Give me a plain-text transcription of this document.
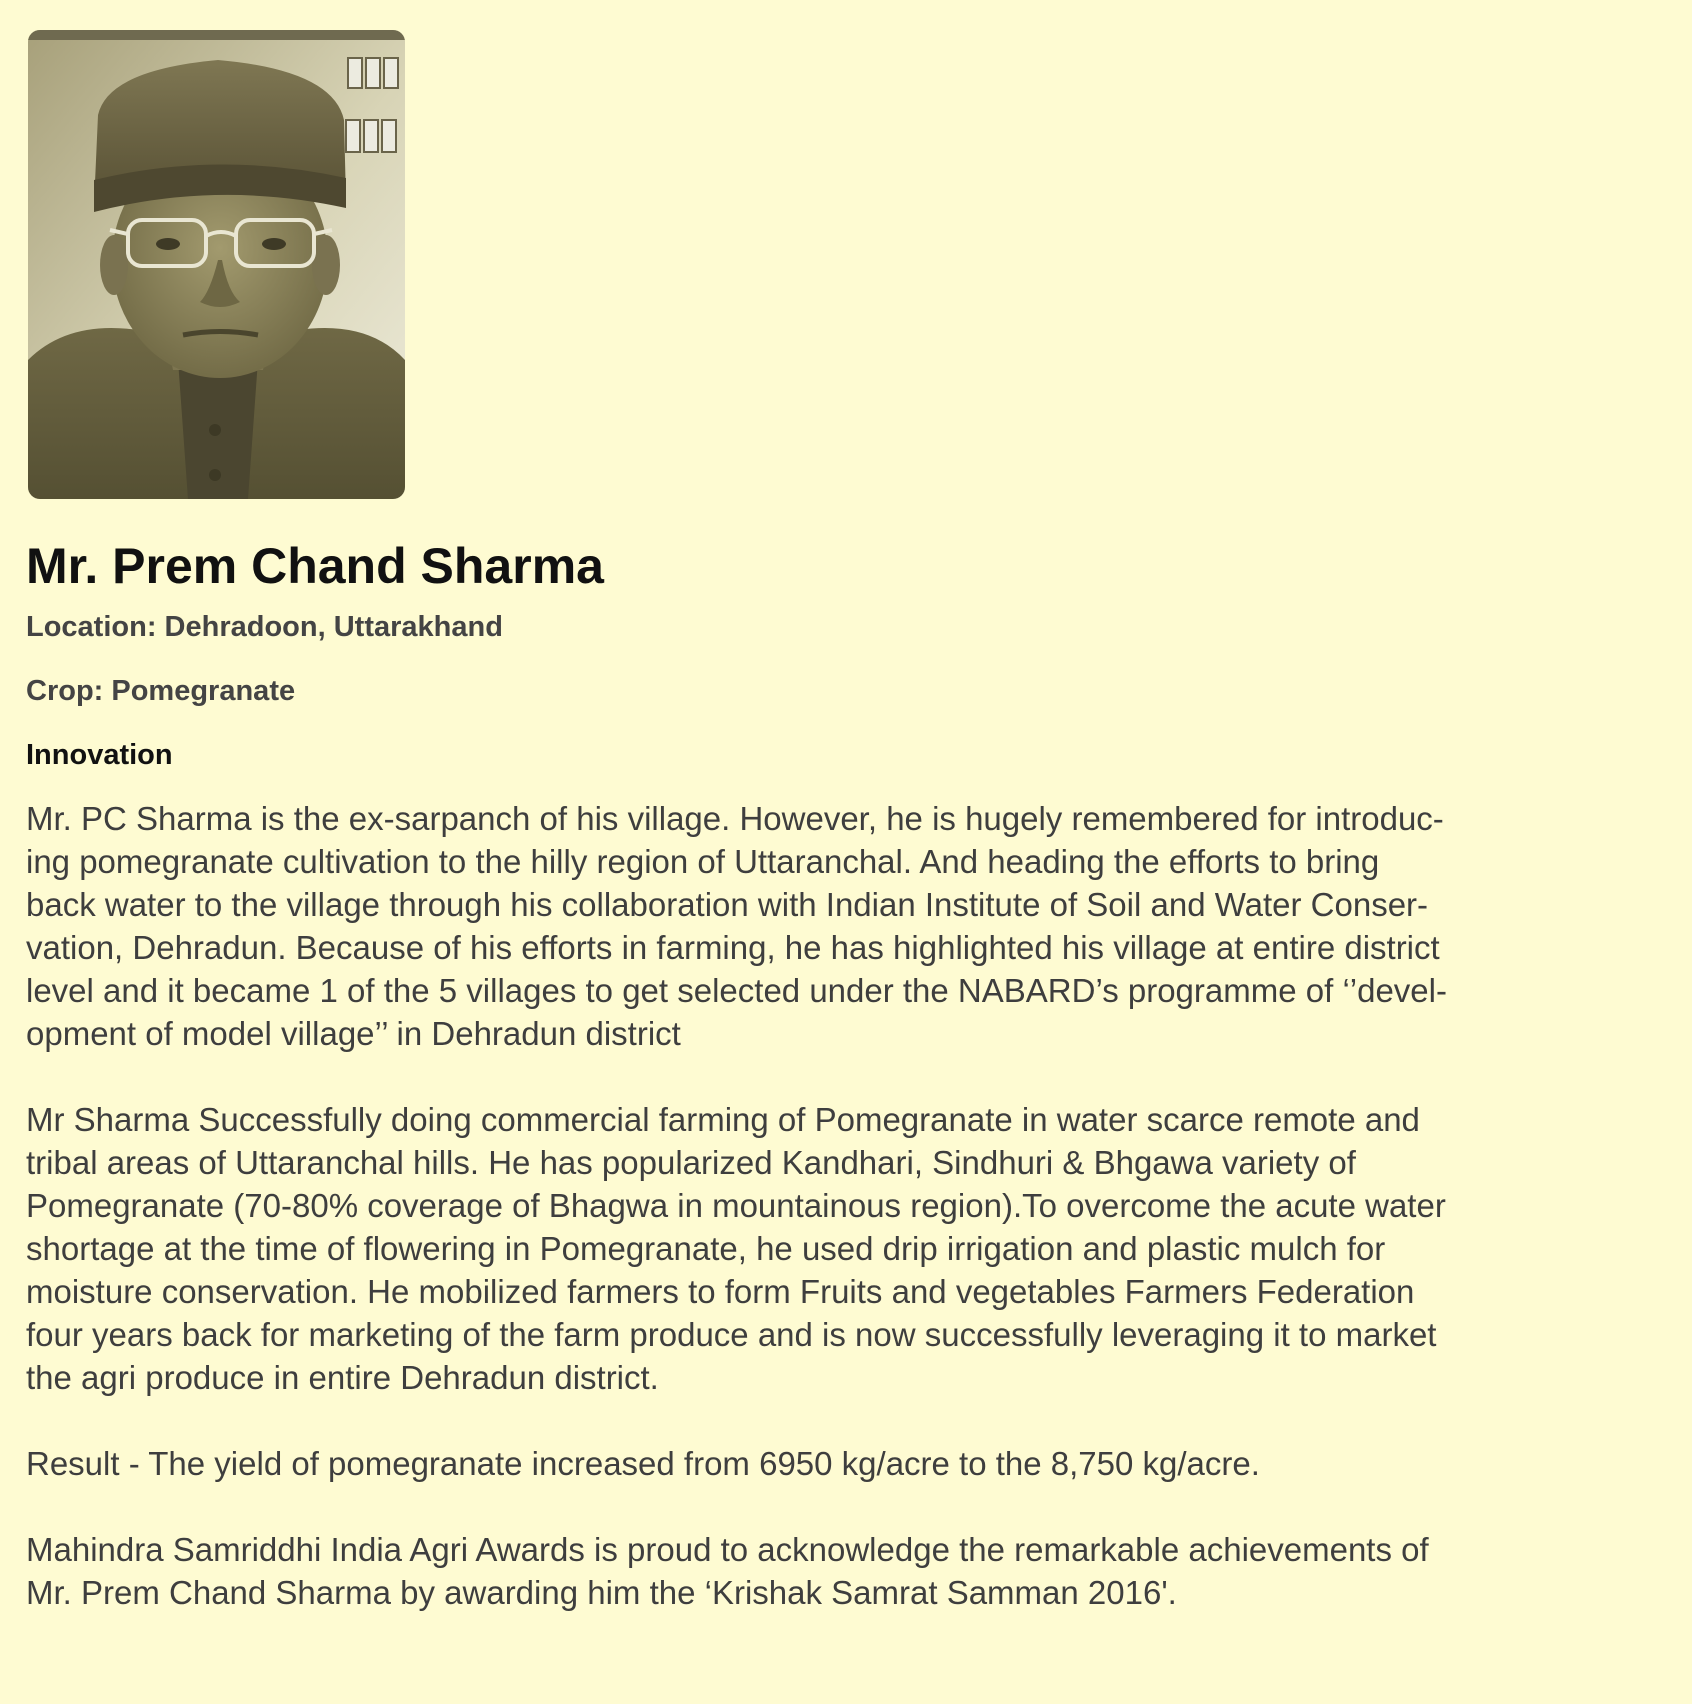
Mr. Prem Chand Sharma

Location: Dehradoon, Uttarakhand

Crop: Pomegranate

Innovation

Mr. PC Sharma is the ex-sarpanch of his village. However, he is hugely remembered for introduc-
ing pomegranate cultivation to the hilly region of Uttaranchal. And heading the efforts to bring
back water to the village through his collaboration with Indian Institute of Soil and Water Conser-
vation, Dehradun. Because of his efforts in farming, he has highlighted his village at entire district
level and it became 1 of the 5 villages to get selected under the NABARD’s programme of ‘’devel-
opment of model village’’ in Dehradun district

Mr Sharma Successfully doing commercial farming of Pomegranate in water scarce remote and
tribal areas of Uttaranchal hills. He has popularized Kandhari, Sindhuri & Bhgawa variety of
Pomegranate (70-80% coverage of Bhagwa in mountainous region).To overcome the acute water
shortage at the time of flowering in Pomegranate, he used drip irrigation and plastic mulch for
moisture conservation. He mobilized farmers to form Fruits and vegetables Farmers Federation
four years back for marketing of the farm produce and is now successfully leveraging it to market
the agri produce in entire Dehradun district.

Result - The yield of pomegranate increased from 6950 kg/acre to the 8,750 kg/acre.

Mahindra Samriddhi India Agri Awards is proud to acknowledge the remarkable achievements of
Mr. Prem Chand Sharma by awarding him the ‘Krishak Samrat Samman 2016'.
